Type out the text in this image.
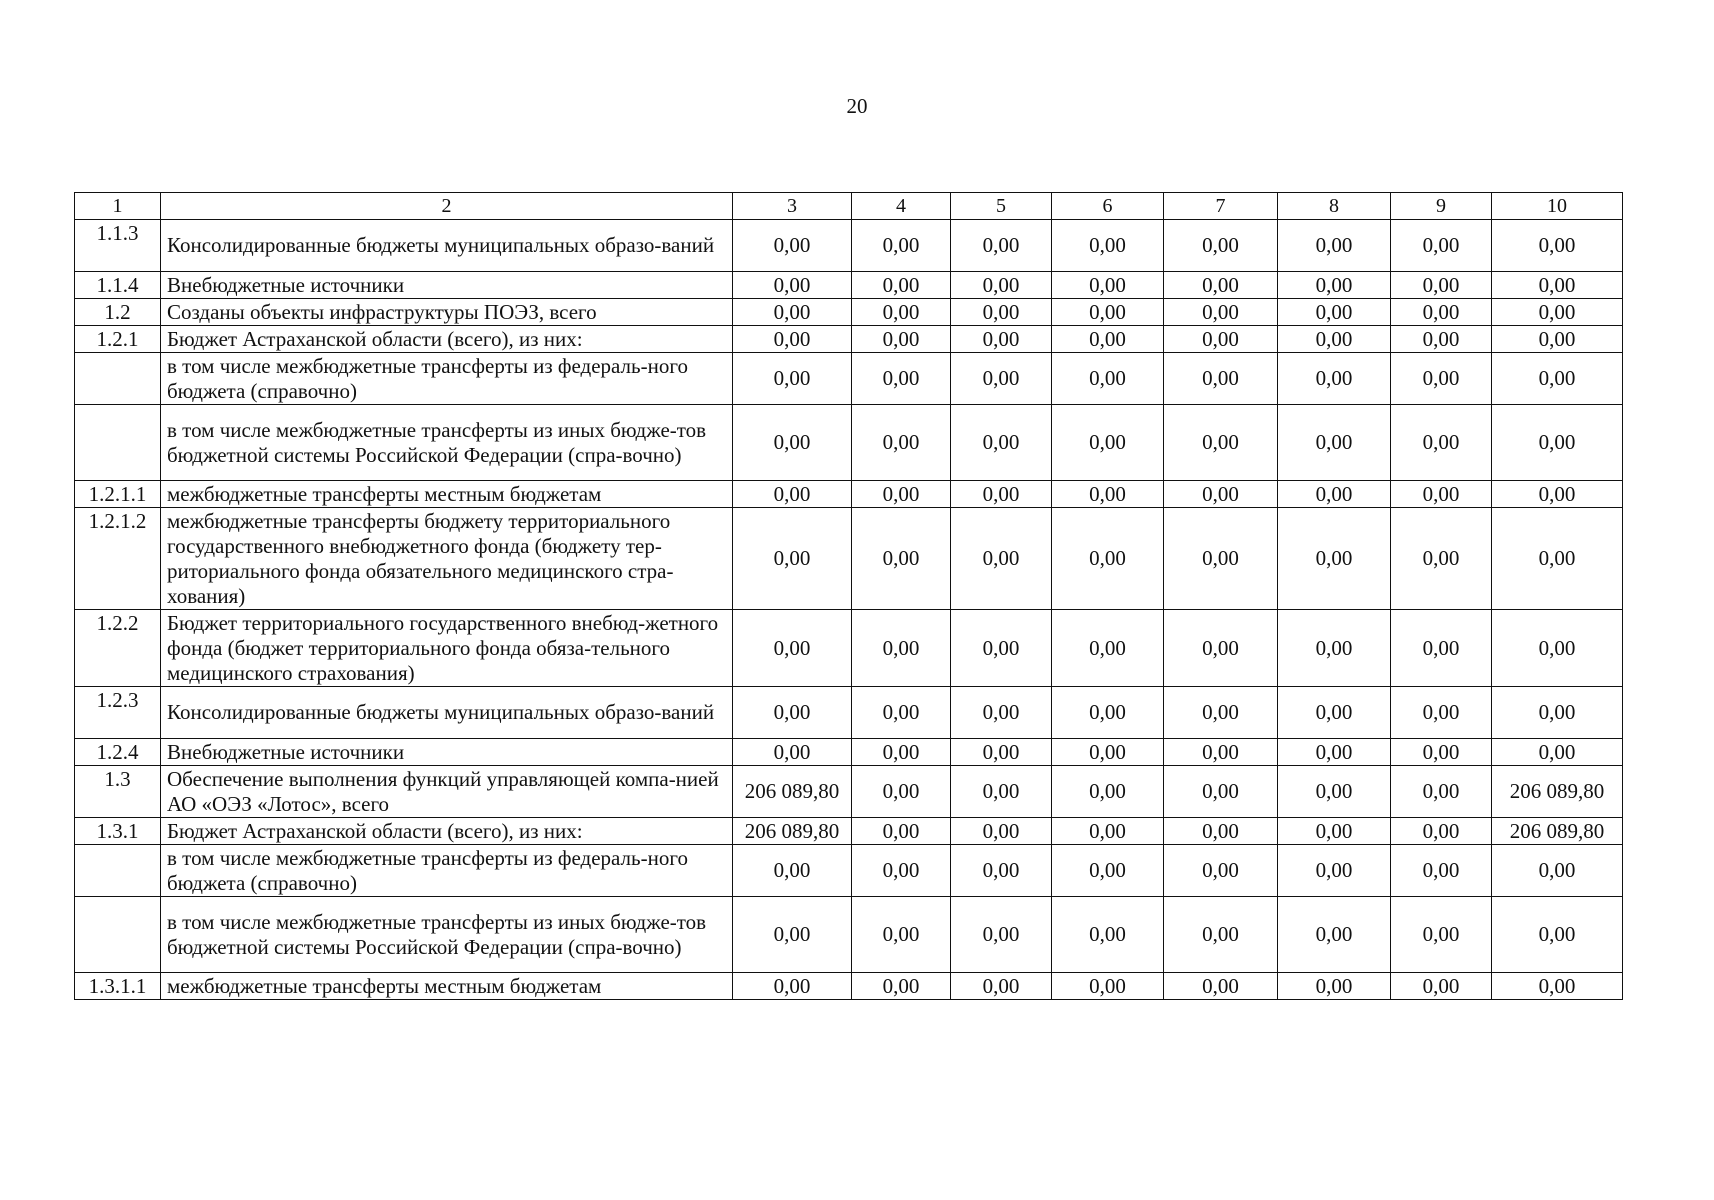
20
1	2	3	4	5	6	7	8	9	10
1.1.3	Консолидированные бюджеты муниципальных образо-ваний	0,00	0,00	0,00	0,00	0,00	0,00	0,00	0,00
1.1.4	Внебюджетные источники	0,00	0,00	0,00	0,00	0,00	0,00	0,00	0,00
1.2	Созданы объекты инфраструктуры ПОЭЗ, всего	0,00	0,00	0,00	0,00	0,00	0,00	0,00	0,00
1.2.1	Бюджет Астраханской области (всего), из них:	0,00	0,00	0,00	0,00	0,00	0,00	0,00	0,00
	в том числе межбюджетные трансферты из федераль-ного бюджета (справочно)	0,00	0,00	0,00	0,00	0,00	0,00	0,00	0,00
	в том числе межбюджетные трансферты из иных бюдже-тов бюджетной системы Российской Федерации (спра-вочно)	0,00	0,00	0,00	0,00	0,00	0,00	0,00	0,00
1.2.1.1	межбюджетные трансферты местным бюджетам	0,00	0,00	0,00	0,00	0,00	0,00	0,00	0,00
1.2.1.2	межбюджетные трансферты бюджету территориального государственного внебюджетного фонда (бюджету тер-риториального фонда обязательного медицинского стра-хования)	0,00	0,00	0,00	0,00	0,00	0,00	0,00	0,00
1.2.2	Бюджет территориального государственного внебюд-жетного фонда (бюджет территориального фонда обяза-тельного медицинского страхования)	0,00	0,00	0,00	0,00	0,00	0,00	0,00	0,00
1.2.3	Консолидированные бюджеты муниципальных образо-ваний	0,00	0,00	0,00	0,00	0,00	0,00	0,00	0,00
1.2.4	Внебюджетные источники	0,00	0,00	0,00	0,00	0,00	0,00	0,00	0,00
1.3	Обеспечение выполнения функций управляющей компа-нией АО «ОЭЗ «Лотос», всего	206 089,80	0,00	0,00	0,00	0,00	0,00	0,00	206 089,80
1.3.1	Бюджет Астраханской области (всего), из них:	206 089,80	0,00	0,00	0,00	0,00	0,00	0,00	206 089,80
	в том числе межбюджетные трансферты из федераль-ного бюджета (справочно)	0,00	0,00	0,00	0,00	0,00	0,00	0,00	0,00
	в том числе межбюджетные трансферты из иных бюдже-тов бюджетной системы Российской Федерации (спра-вочно)	0,00	0,00	0,00	0,00	0,00	0,00	0,00	0,00
1.3.1.1	межбюджетные трансферты местным бюджетам	0,00	0,00	0,00	0,00	0,00	0,00	0,00	0,00
